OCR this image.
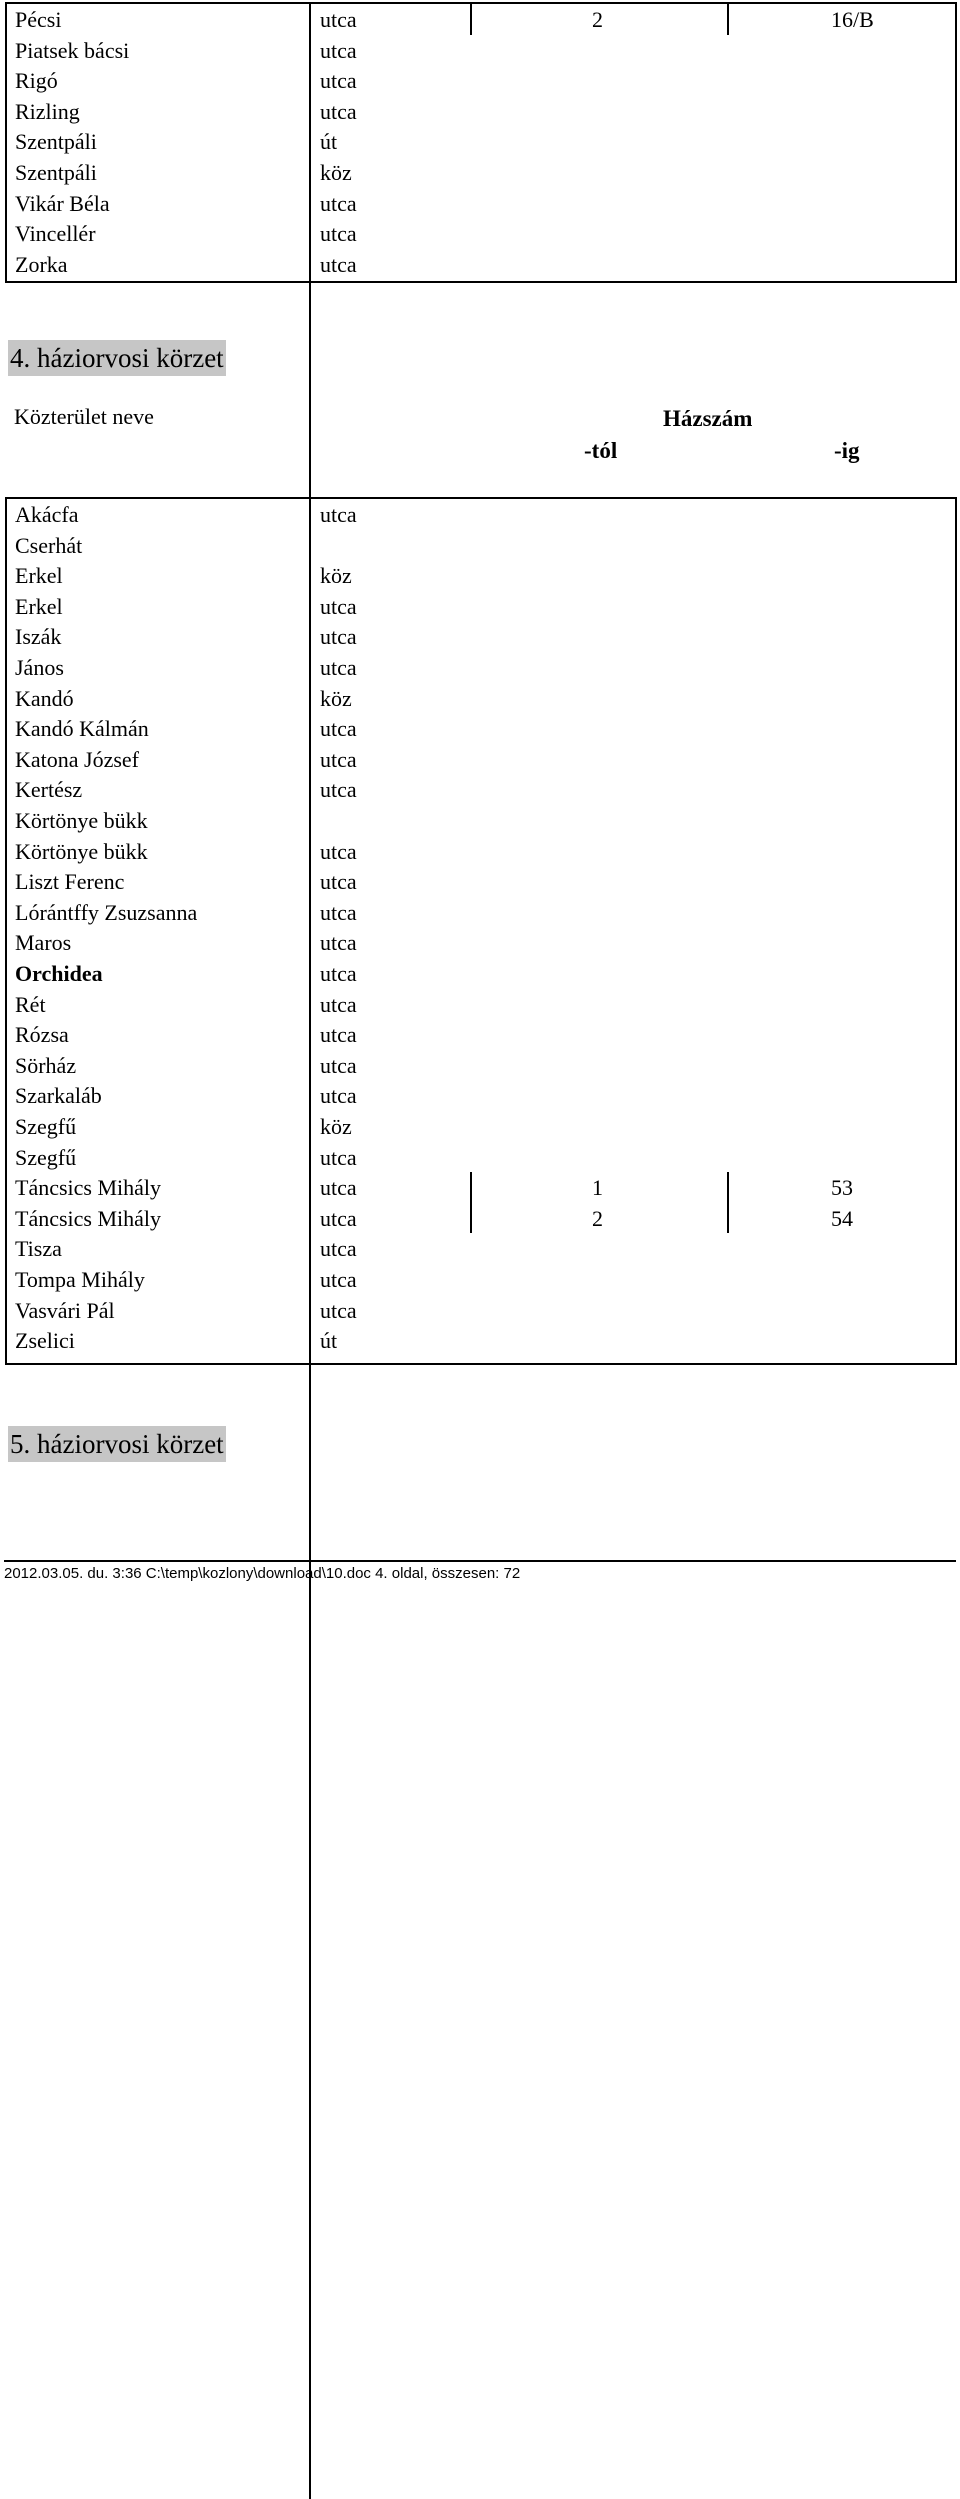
Pécsi	utca	2	16/B
Piatsek bácsi	utca
Rigó	utca
Rizling	utca
Szentpáli	út
Szentpáli	köz
Vikár Béla	utca
Vincellér	utca
Zorka	utca
4. háziorvosi körzet
Közterület neve	Házszám
-tól	-ig
Akácfa	utca
Cserhát
Erkel	köz
Erkel	utca
Iszák	utca
János	utca
Kandó	köz
Kandó Kálmán	utca
Katona József	utca
Kertész	utca
Körtönye bükk
Körtönye bükk	utca
Liszt Ferenc	utca
Lórántffy Zsuzsanna	utca
Maros	utca
Orchidea	utca
Rét	utca
Rózsa	utca
Sörház	utca
Szarkaláb	utca
Szegfű	köz
Szegfű	utca
Táncsics Mihály	utca	1	53
Táncsics Mihály	utca	2	54
Tisza	utca
Tompa Mihály	utca
Vasvári Pál	utca
Zselici	út
5. háziorvosi körzet
2012.03.05. du. 3:36 C:\temp\kozlony\download\10.doc 4. oldal, összesen: 72
